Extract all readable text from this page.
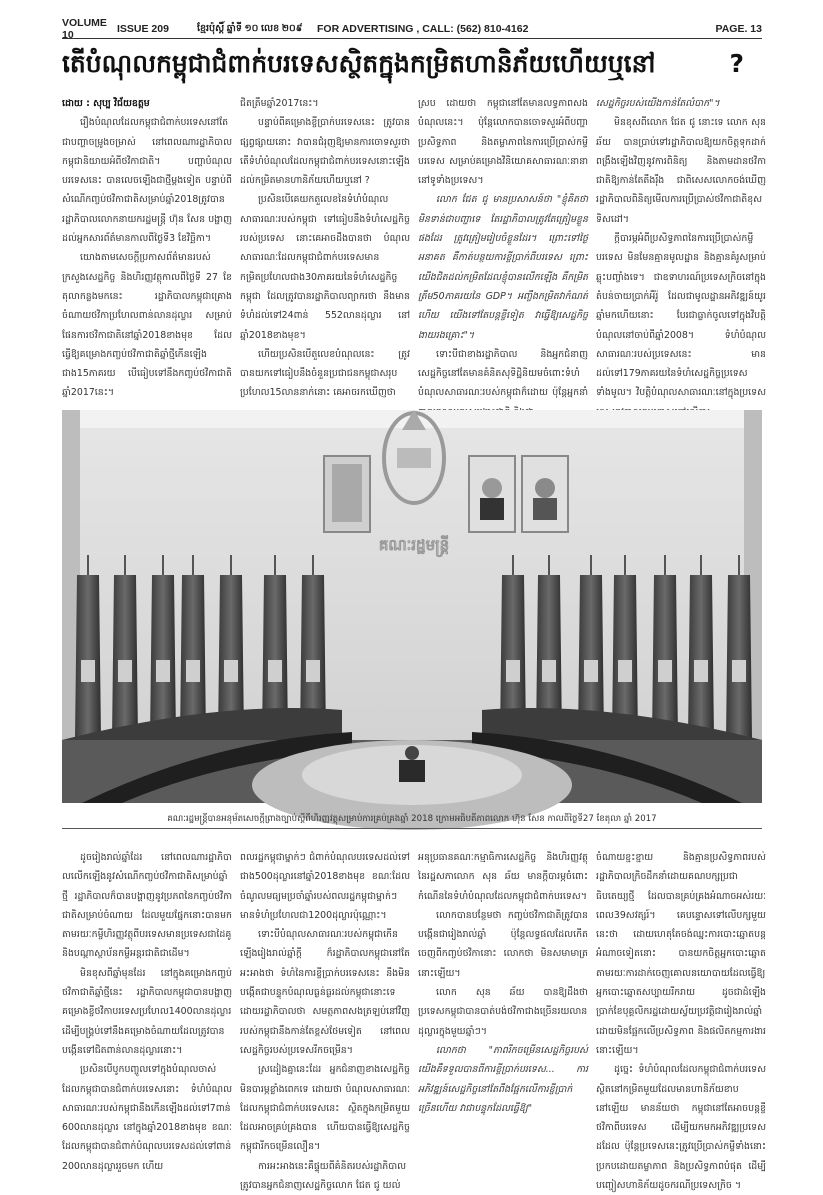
VOLUME 10	ISSUE 209	ខ្មែរប៉ុស្ដិ៍ ឆ្នាំទី ១០ លេខ ២០៩	FOR ADVERTISING , CALL: (562) 810-4162	PAGE. 13
តើបំណុលកម្ពុជាជំពាក់បរទេសស្ថិតក្នុងកម្រិតហានិភ័យហើយឬនៅ	?

ដោយ : សុប្ប វិជ័យឧត្តម

រឿងបំណុលដែលកម្ពុជាជំពាក់បរទេសនៅតែជាបញ្ហាចម្រូងចម្រាស់ នៅពេលណារដ្ឋាភិបាលកម្ពុជានិយាយអំពីថវិកាជាតិ។ បញ្ហាបំណុលបរទេសនេះ បានលេចឡើងជាថ្មីម្តងទៀត បន្ទាប់ពីសំណើកញ្ចប់ថវិកាជាតិសម្រាប់ឆ្នាំ2018ត្រូវបានរដ្ឋាភិបាលលោកនាយករដ្ឋមន្ត្រី ហ៊ុន សែន បង្ហាញដល់អ្នកសារព័ត៌មានកាលពីថ្ងៃទី3 ខែវិច្ឆិកា។

យោងតាមសេចក្តីប្រកាសព័ត៌មានរបស់ក្រសួងសេដ្ឋកិច្ច និងហិរញ្ញវត្ថុកាលពីថ្ងៃទី 27 ខែតុលាកន្លងមកនេះ រដ្ឋាភិបាលកម្ពុជាគ្រោងចំណាយថវិកាប្រហែលពាន់លានដុល្លារ សម្រាប់ផែនការថវិកាជាតិនៅឆ្នាំ2018ខាងមុខ ដែលធ្វើឱ្យគម្រោងកញ្ចប់ថវិកាជាតិឆ្នាំថ្មីកើនឡើងជាង15ភាគរយ បើធៀបទៅនឹងកញ្ចប់ថវិកាជាតិឆ្នាំ2017នេះ។

ជិតត្រឹមឆ្នាំ2017នេះ។

បន្ទាប់ពីគម្រោងខ្ចីប្រាក់បរទេសនេះ ត្រូវបានផ្សព្វផ្សាយនោះ វាបានជំរុញឱ្យមានការចោទសួរថា តើទំហំបំណុលដែលកម្ពុជាជំពាក់បរទេសនោះឡើងដល់កម្រិតមានហានិភ័យហើយឬនៅ ?

ប្រសិនបើគេយកតួលេខនៃទំហំបំណុលសាធារណៈរបស់កម្ពុជា ទៅធៀបនឹងទំហំសេដ្ឋកិច្ចរបស់ប្រទេស នោះគេអាចដឹងបានថា បំណុលសាធារណៈដែលកម្ពុជាជំពាក់បរទេសមានកម្រិតប្រហែលជាង30ភាគរយនៃទំហំសេដ្ឋកិច្ចកម្ពុជា ដែលត្រូវបានរដ្ឋាភិបាលព្យាករថា នឹងមានទំហំដល់ទៅ24ពាន់ 552លានដុល្លារ នៅឆ្នាំ2018ខាងមុខ។

ហើយប្រសិនបើតួលេខបំណុលនេះ ត្រូវបានយកទៅធៀបនឹងចំនួនប្រជាជនកម្ពុជាសរុបប្រហែល15លាននាក់នោះ គេអាចរកឃើញថា

ស្រប ដោយថា កម្ពុជានៅតែមានលទ្ធភាពសងបំណុលនេះ។ ប៉ុន្តែលោកបានចោទសួរអំពីបញ្ហាប្រសិទ្ធភាព និងតម្លាភាពនៃការប្រើប្រាស់កម្ចីបរទេស សម្រាប់គម្រោងវិនិយោគសាធារណៈនានានៅទូទាំងប្រទេស។

លោក ជែត ជូ មានប្រសាសន៍ថា "ខ្ញុំគិតថាមិនទាន់ជាបញ្ហាទេ តែរដ្ឋាភិបាលត្រូវតែត្រៀមខ្លួនផងដែរ ត្រូវត្រៀមរៀបចំខ្លួនដែរ។ ព្រោះទៅថ្ងៃអនាគត គឺកាត់បន្ថយការខ្ចីប្រាក់ពីបរទេស ព្រោះយើងជិតដល់កម្រិតដែលខ្ញុំបានលើកឡើង គឺកម្រិតត្រឹម50ភាគរយនៃ GDP។ អញ្ចឹងកម្រិតវាកំណត់ហើយ យើងទៅតែបន្តខ្ចីទៀត វាធ្វើឱ្យសេដ្ឋកិច្ចងាយរងគ្រោះ"។

ទោះបីជាខាងរដ្ឋាភិបាល និងអ្នកជំនាញសេដ្ឋកិច្ចនៅតែមានគំនិតសុទិដ្ឋិនិយមចំពោះទំហំបំណុលសាធារណៈរបស់កម្ពុជាក៏ដោយ ប៉ុន្តែអ្នកនាំ

សេដ្ឋកិច្ចរបស់យើងកាន់តែលំបាក"។

មិនខុសពីលោក ជែត ជូ នោះទេ លោក សុន ឆ័យ បានប្រាប់ទៅរដ្ឋាភិបាលឱ្យយកចិត្តទុកដាក់ពង្រឹងឡើងវិញនូវការពិនិត្យ និងតាមដានថវិកាជាតិឱ្យកាន់តែតឹងរ៉ឹង ជាពិសេសលោកចង់ឃើញរដ្ឋាភិបាលពិនិត្យមើលការប្រើប្រាស់ថវិកាជាតិខុសទិសដៅ។

ក្តីបារម្ភអំពីប្រសិទ្ធភាពនៃការប្រើប្រាស់កម្ចីបរទេស មិនមែនគ្មានមូលដ្ឋាន និងគ្មានគំរូសម្រាប់ឆ្លុះបញ្ចាំងទេ។ ជាឧទាហរណ៍ប្រទេសក្រិចនៅក្នុងតំបន់ចាយប្រាក់អឺរ៉ូ ដែលជាមូលដ្ឋានអភិវឌ្ឍន៍យូរឆ្នាំមកហើយនោះ បែរជាធ្លាក់ចូលទៅក្នុងវិបត្តិបំណុលនៅចាប់ពីឆ្នាំ2008។ ទំហំបំណុលសាធារណៈរបស់ប្រទេសនេះ មានដល់ទៅ179ភាគរយនៃទំហំសេដ្ឋកិច្ចប្រទេសទាំងមូល។ វិបត្តិបំណុលសាធារណៈនៅក្នុងប្រទេស

គណៈរដ្ឋមន្ត្រី
គណៈរដ្ឋមន្ត្រីបានអនុម័តសេចក្តីព្រាងច្បាប់ស្តីពីហិរញ្ញវត្ថុសម្រាប់ការគ្រប់គ្រងឆ្នាំ 2018 ក្រោមអធិបតីភាពលោក ហ៊ុន សែន កាលពីថ្ងៃទី27 ខែតុលា ឆ្នាំ 2017

ដូចរៀងរាល់ឆ្នាំដែរ នៅពេលណារដ្ឋាភិបាលលើកឡើងនូវសំណើកញ្ចប់ថវិកាជាតិសម្រាប់ឆ្នាំថ្មី រដ្ឋាភិបាលក៏បានបង្ហាញនូវប្រភពនៃកញ្ចប់ថវិកាជាតិសម្រាប់ចំណាយ ដែលមួយផ្នែកនោះបានមកតាមរយៈកម្ចីហិរញ្ញវត្ថុពីបរទេសមានប្រទេសជាដៃគូ និងបណ្តាស្ថាប័នកម្ចីអន្តរជាតិជាដើម។

មិនខុសពីឆ្នាំមុនដែរ នៅក្នុងគម្រោងកញ្ចប់ថវិកាជាតិឆ្នាំថ្មីនេះ រដ្ឋាភិបាលកម្ពុជាបានបង្ហាញគម្រោងខ្ចីថវិកាបរទេសប្រហែល1400លានដុល្លារ ដើម្បីបង្គ្រប់ទៅនឹងគម្រោងចំណាយដែលត្រូវបានបង្កើនទៅជិតពាន់លានដុល្លារនោះ។

ប្រសិនបើបូកបញ្ចូលទៅក្នុងបំណុលចាស់ដែលកម្ពុជាបានជំពាក់បរទេសនោះ ទំហំបំណុលសាធារណៈរបស់កម្ពុជានឹងកើនឡើងដល់ទៅ7ពាន់ 600លានដុល្លារ នៅក្នុងឆ្នាំ2018ខាងមុខ ខណៈដែលកម្ពុជាបានជំពាក់បំណុលបរទេសដល់ទៅពាន់ 200លានដុល្លាររួចមក ហើយ

ពលរដ្ឋកម្ពុជាម្នាក់ៗ ជំពាក់បំណុលបរទេសដល់ទៅជាង500ដុល្លារនៅឆ្នាំ2018ខាងមុខ ខណៈដែលចំណូលមធ្យមប្រចាំឆ្នាំរបស់ពលរដ្ឋកម្ពុជាម្នាក់ៗ មានទំហំប្រហែលជា1200ដុល្លារប៉ុណ្ណោះ។

ទោះបីបំណុលសាធារណៈរបស់កម្ពុជាកើនឡើងរៀងរាល់ឆ្នាំក្តី ក៏រដ្ឋាភិបាលកម្ពុជានៅតែអះអាងថា ទំហំនៃការខ្ចីប្រាក់បរទេសនេះ នឹងមិនបង្កើតជាបន្ទុកបំណុលធ្ងន់ធ្ងរដល់កម្ពុជានោះទេ ដោយរដ្ឋាភិបាលថា សមត្ថភាពសងត្រឡប់នៅវិញរបស់កម្ពុជានឹងកាន់តែខ្ពស់ថែមទៀត នៅពេលសេដ្ឋកិច្ចរបស់ប្រទេសរីកចម្រើន។

ស្រដៀងគ្នានេះដែរ អ្នកជំនាញខាងសេដ្ឋកិច្ច មិនបារម្ភខ្លាំងពេកទេ ដោយថា បំណុលសាធារណៈដែលកម្ពុជាជំពាក់បរទេសនេះ ស្ថិតក្នុងកម្រិតមួយដែលអាចគ្រប់គ្រងបាន ហើយបានធ្វើឱ្យសេដ្ឋកិច្ចកម្ពុជារីកចម្រើនលឿន។

ការអះអាងនេះគឺផ្ទុយពីគំនិតរបស់រដ្ឋាភិបាល ត្រូវបានអ្នកជំនាញសេដ្ឋកិច្ចលោក ជែត ជូ យល់

អនុប្រធានគណៈកម្មាធិការសេដ្ឋកិច្ច និងហិរញ្ញវត្ថុនៃរដ្ឋសភាលោក សុន ឆ័យ មានក្តីបារម្ភចំពោះកំណើននៃទំហំបំណុលដែលកម្ពុជាជំពាក់បរទេស។

លោកបានបន្ថែមថា កញ្ចប់ថវិកាជាតិត្រូវបានបង្កើនជារៀងរាល់ឆ្នាំ ប៉ុន្តែលទ្ធផលដែលកើតចេញពីកញ្ចប់ថវិកានោះ លោកថា មិនសមាមាត្រនោះឡើយ។

លោក សុន ឆ័យ បានឱ្យដឹងថា ប្រទេសកម្ពុជាបានបាត់បង់ថវិកាជាងច្រើនរយលានដុល្លារក្នុងមួយឆ្នាំៗ។

លោកថា "ភាពរីកចម្រើនសេដ្ឋកិច្ចរបស់យើងគឺទទួលបានពីការខ្ចីប្រាក់បរទេស... ការអភិវឌ្ឍន៍សេដ្ឋកិច្ចនៅតែពឹងផ្អែកលើការខ្ចីប្រាក់ច្រើនហើយ វាជាបន្ទុកដែលធ្វើឱ្យ"

ចំណាយខ្ជះខ្ជាយ និងគ្មានប្រសិទ្ធភាពរបស់រដ្ឋាភិបាលក្រិចដឹកនាំដោយគណបក្សប្រជាធិបតេយ្យថ្មី ដែលបានគ្រប់គ្រងអំណាចអស់រយៈពេល39សវត្សរ៍។ គេបន្ទោសទៅលើបក្សមួយនេះថា ដោយហេតុតែចង់ឈ្នះការបោះឆ្នោតបន្តអំណាចទៀតនោះ បានយកចិត្តអ្នកបោះឆ្នោត តាមរយៈការដាក់ចេញគោលនយោបាយដែលធ្វើឱ្យអ្នកបោះឆ្នោតសប្បាយរីករាយ ដូចជាដំឡើងប្រាក់ខែបុគ្គលិករដ្ឋដោយស្វ័យប្រវត្តិជារៀងរាល់ឆ្នាំ ដោយមិនផ្អែកលើប្រសិទ្ធភាព និងផលិតកម្មការងារនោះឡើយ។

ដូច្នេះ ទំហំបំណុលដែលកម្ពុជាជំពាក់បរទេសស្ថិតនៅកម្រិតមួយដែលមានហានិភ័យខាបនៅឡើយ មានន័យថា កម្ពុជានៅតែអាចបន្តខ្ចីថវិកាពីបរទេស ដើម្បីយកមកអភិវឌ្ឍប្រទេសដដែល ប៉ុន្តែប្រទេសនេះត្រូវប្រើប្រាស់កម្ចីទាំងនោះប្រកបដោយតម្លាភាព និងប្រសិទ្ធភាពបំផុត ដើម្បីបញ្ចៀសហានិភ័យដូចករណីប្រទេសក្រិច ។
